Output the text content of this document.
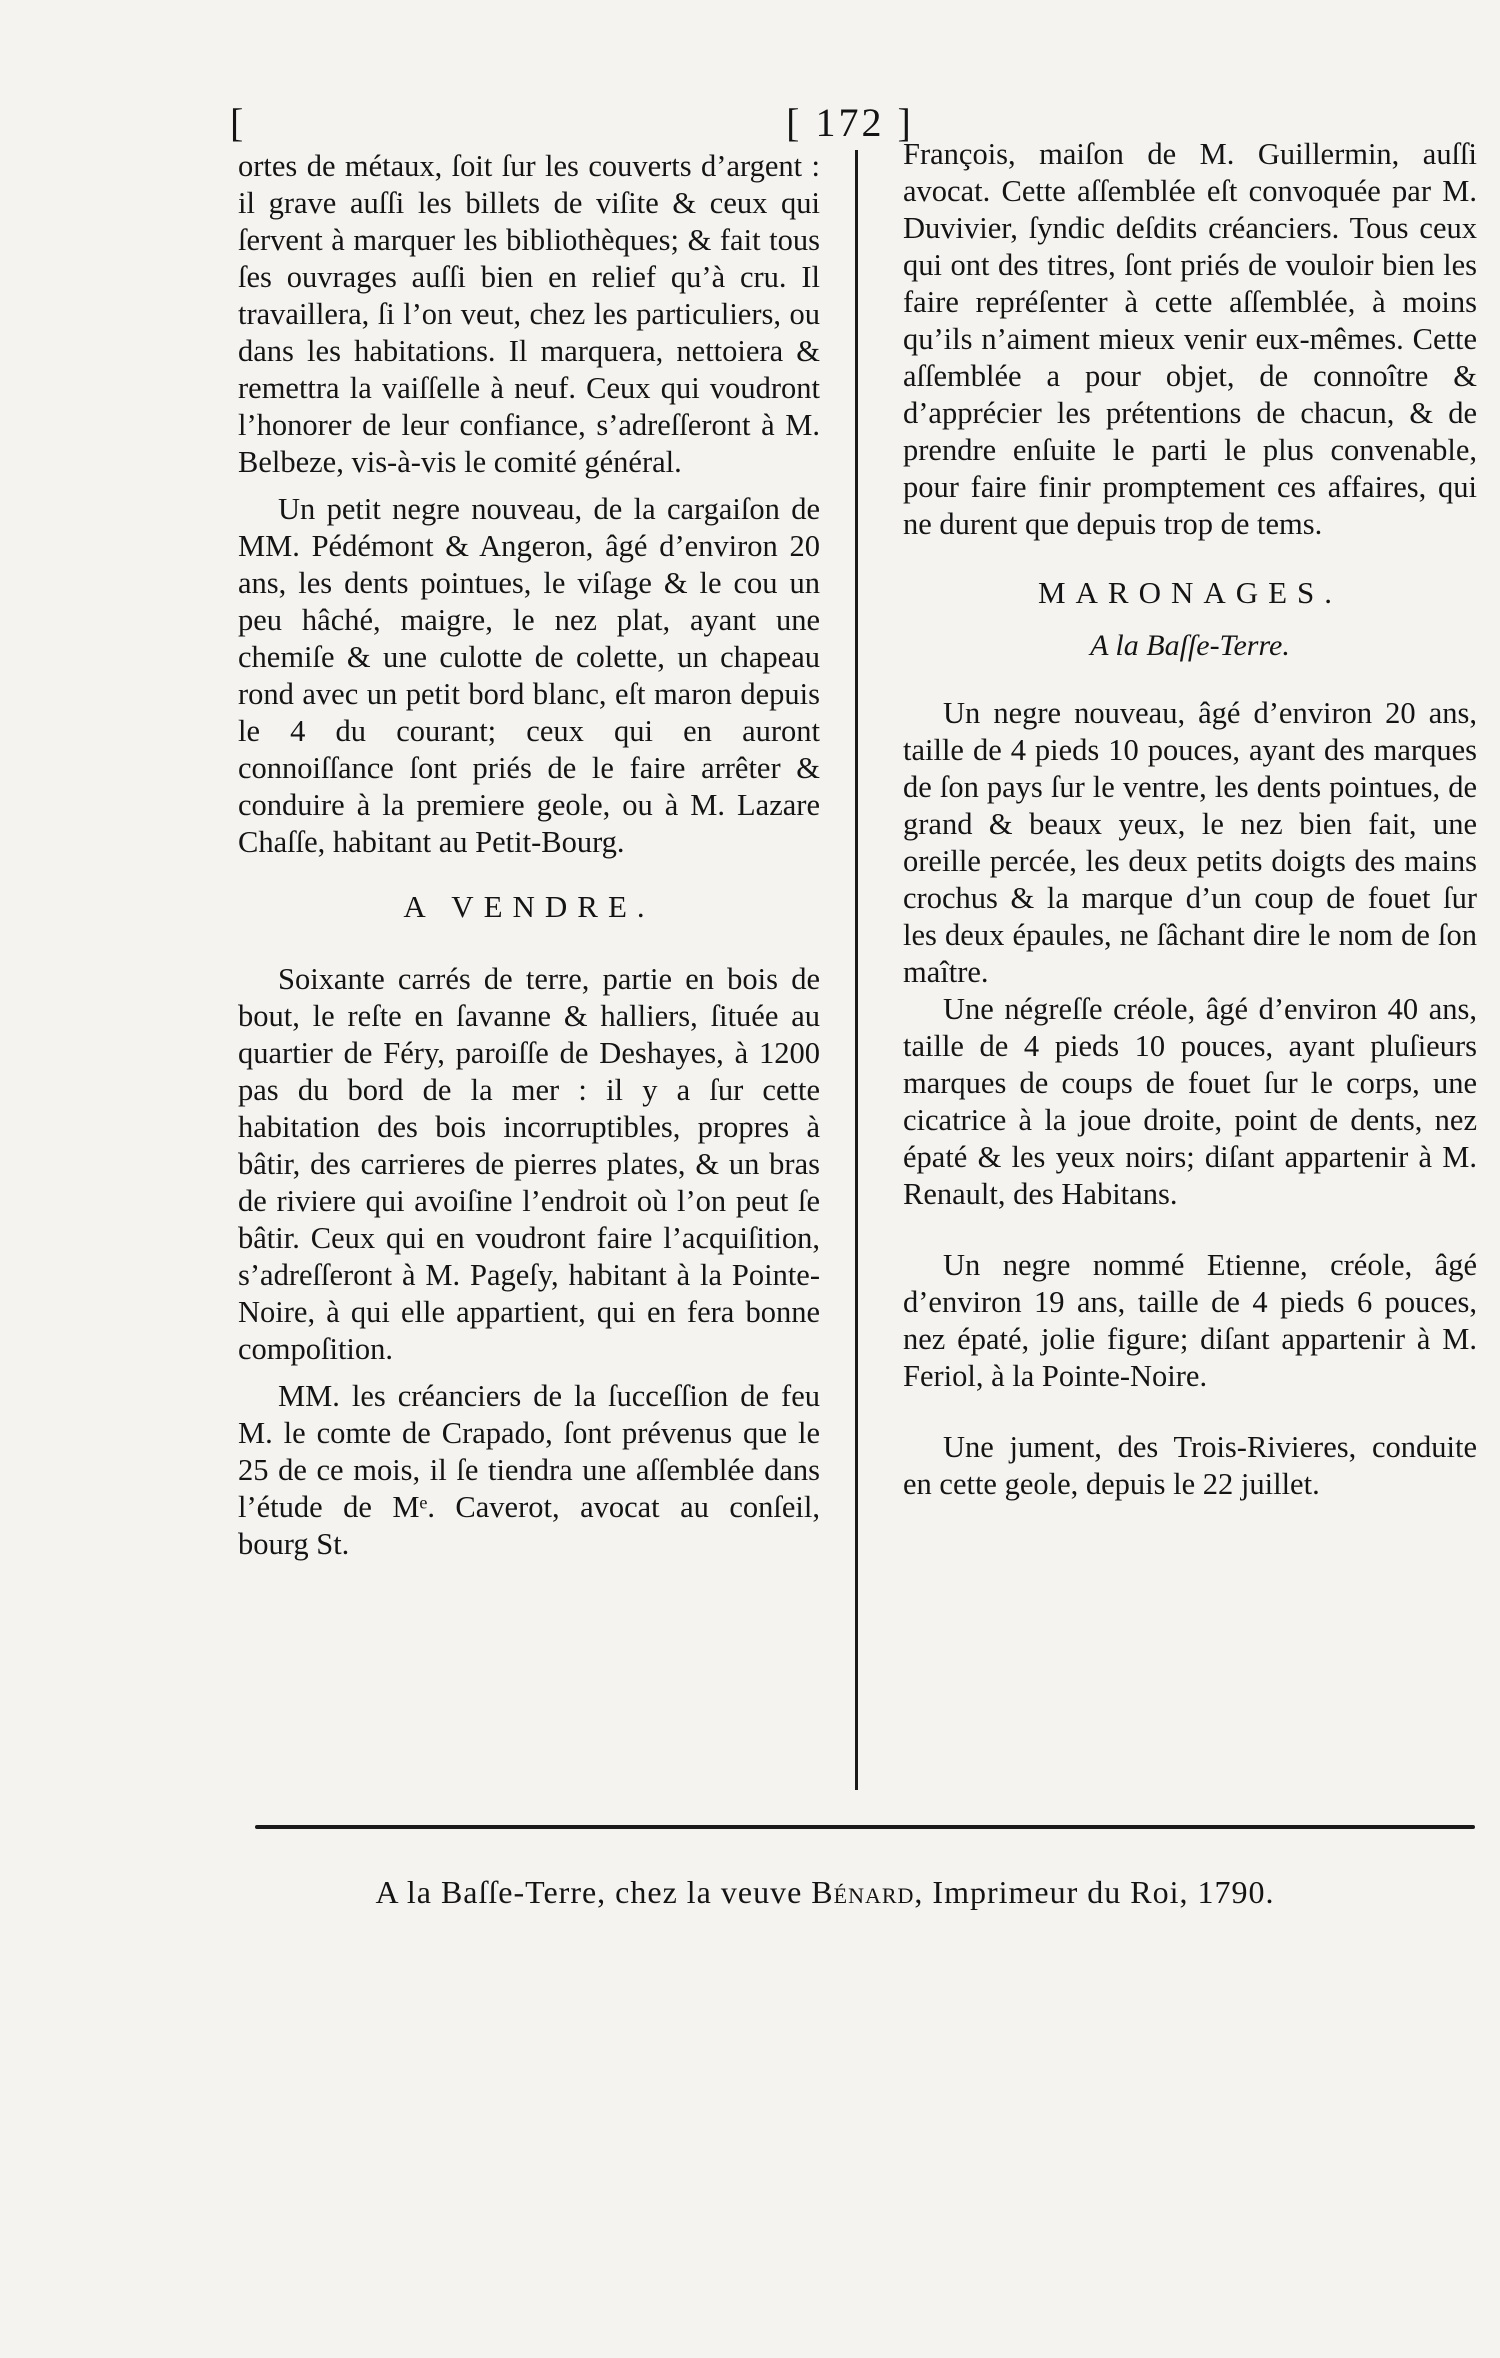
[	[ 172 ]

ortes de métaux, ſoit ſur les couverts d’argent : il grave auſſi les billets de viſite & ceux qui ſervent à marquer les bibliothèques; & fait tous ſes ouvrages auſſi bien en relief qu’à cru. Il travaillera, ſi l’on veut, chez les particuliers, ou dans les habitations. Il marquera, nettoiera & remettra la vaiſſelle à neuf. Ceux qui voudront l’honorer de leur confiance, s’adreſſeront à M. Belbeze, vis-à-vis le comité général.

Un petit negre nouveau, de la cargaiſon de MM. Pédémont & Angeron, âgé d’environ 20 ans, les dents pointues, le viſage & le cou un peu hâché, maigre, le nez plat, ayant une chemiſe & une culotte de colette, un chapeau rond avec un petit bord blanc, eſt maron depuis le 4 du courant; ceux qui en auront connoiſſance ſont priés de le faire arrêter & conduire à la premiere geole, ou à M. Lazare Chaſſe, habitant au Petit-Bourg.

A VENDRE.

Soixante carrés de terre, partie en bois de bout, le reſte en ſavanne & halliers, ſituée au quartier de Féry, paroiſſe de Deshayes, à 1200 pas du bord de la mer : il y a ſur cette habitation des bois incorruptibles, propres à bâtir, des carrieres de pierres plates, & un bras de riviere qui avoiſine l’endroit où l’on peut ſe bâtir. Ceux qui en voudront faire l’acquiſition, s’adreſſeront à M. Pageſy, habitant à la Pointe-Noire, à qui elle appartient, qui en fera bonne compoſition.

MM. les créanciers de la ſucceſſion de feu M. le comte de Crapado, ſont prévenus que le 25 de ce mois, il ſe tiendra une aſſemblée dans l’étude de Mᵉ. Caverot, avocat au conſeil, bourg St.

François, maiſon de M. Guillermin, auſſi avocat. Cette aſſemblée eſt convoquée par M. Duvivier, ſyndic deſdits créanciers. Tous ceux qui ont des titres, ſont priés de vouloir bien les faire repréſenter à cette aſſemblée, à moins qu’ils n’aiment mieux venir eux-mêmes. Cette aſſemblée a pour objet, de connoître & d’apprécier les prétentions de chacun, & de prendre enſuite le parti le plus convenable, pour faire finir promptement ces affaires, qui ne durent que depuis trop de tems.

MARONAGES.
A la Baſſe-Terre.

Un negre nouveau, âgé d’environ 20 ans, taille de 4 pieds 10 pouces, ayant des marques de ſon pays ſur le ventre, les dents pointues, de grand & beaux yeux, le nez bien fait, une oreille percée, les deux petits doigts des mains crochus & la marque d’un coup de fouet ſur les deux épaules, ne ſâchant dire le nom de ſon maître.

Une négreſſe créole, âgé d’environ 40 ans, taille de 4 pieds 10 pouces, ayant pluſieurs marques de coups de fouet ſur le corps, une cicatrice à la joue droite, point de dents, nez épaté & les yeux noirs; diſant appartenir à M. Renault, des Habitans.

Un negre nommé Etienne, créole, âgé d’environ 19 ans, taille de 4 pieds 6 pouces, nez épaté, jolie figure; diſant appartenir à M. Feriol, à la Pointe-Noire.

Une jument, des Trois-Rivieres, conduite en cette geole, depuis le 22 juillet.

A la Baſſe-Terre, chez la veuve Bénard, Imprimeur du Roi, 1790.
